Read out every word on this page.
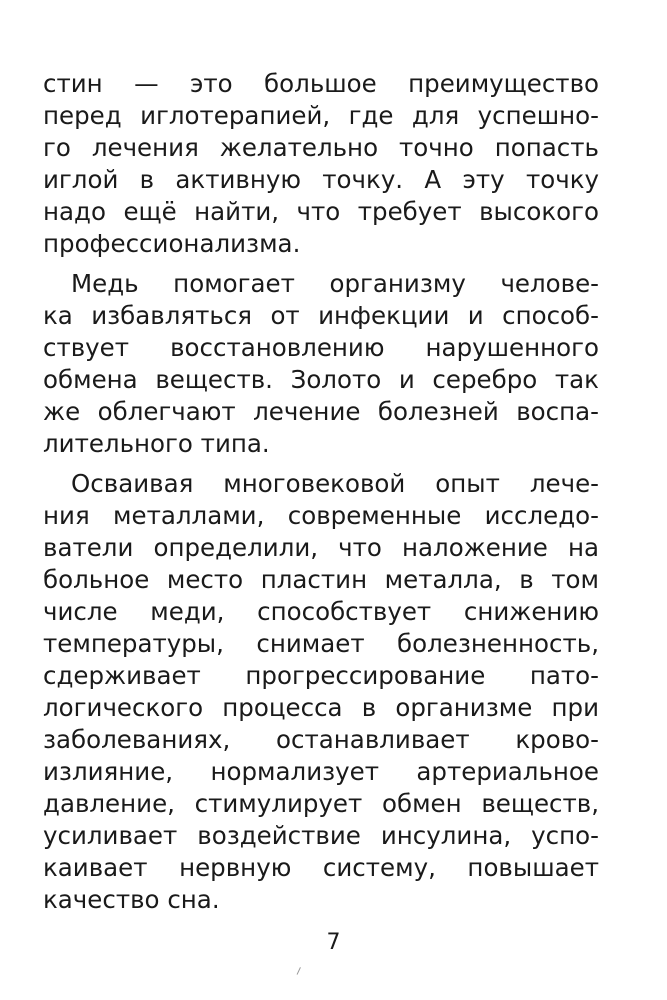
стин — это большое преимущество
перед иглотерапией, где для успешно-
го лечения желательно точно попасть
иглой в активную точку. А эту точку
надо ещё найти, что требует высокого
профессионализма.
Медь помогает организму челове-
ка избавляться от инфекции и способ-
ствует восстановлению нарушенного
обмена веществ. Золото и серебро так
же облегчают лечение болезней воспа-
лительного типа.
Осваивая многовековой опыт лече-
ния металлами, современные исследо-
ватели определили, что наложение на
больное место пластин металла, в том
числе меди, способствует снижению
температуры, снимает болезненность,
сдерживает прогрессирование пато-
логического процесса в организме при
заболеваниях, останавливает крово-
излияние, нормализует артериальное
давление, стимулирует обмен веществ,
усиливает воздействие инсулина, успо-
каивает нервную систему, повышает
качество сна.
7
